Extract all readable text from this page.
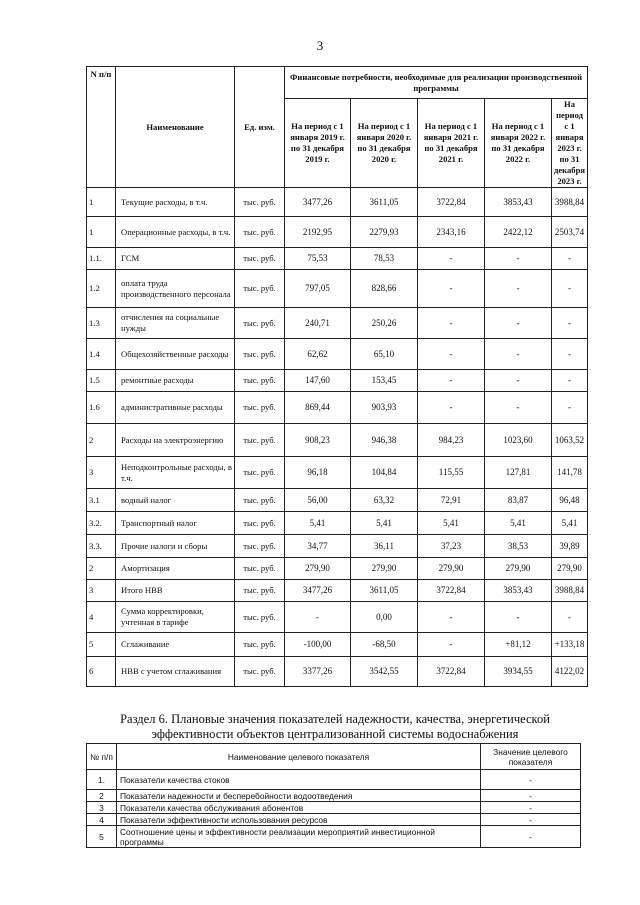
3
N п/п	Наименование	Ед. изм.	Финансовые потребности, необходимые для реализации производственной программы				
			На период с 1 января 2019 г. по 31 декабря 2019 г.	На период с 1 января 2020 г. по 31 декабря 2020 г.	На период с 1 января 2021 г. по 31 декабря 2021 г.	На период с 1 января 2022 г. по 31 декабря 2022 г.	На период с 1 января 2023 г. по 31 декабря 2023 г.
1	Текущие расходы, в т.ч.	тыс. руб.	3477,26	3611,05	3722,84	3853,43	3988,84
1	Операционные расходы, в т.ч.	тыс. руб.	2192,95	2279,93	2343,16	2422,12	2503,74
1.1.	ГСМ	тыс. руб.	75,53	78,53	-	-	-
1.2	оплата труда производственного персонала	тыс. руб.	797,05	828,66	-	-	-
1.3	отчисления на социальные нужды	тыс. руб.	240,71	250,26	-	-	-
1.4	Общехозяйственные расходы	тыс. руб.	62,62	65,10	-	-	-
1.5	ремонтные расходы	тыс. руб.	147,60	153,45	-	-	-
1.6	административные расходы	тыс. руб.	869,44	903,93	-	-	-
2	Расходы на электроэнергию	тыс. руб.	908,23	946,38	984,23	1023,60	1063,52
3	Неподконтрольные расходы, в т.ч.	тыс. руб.	96,18	104,84	115,55	127,81	141,78
3.1	водный налог	тыс. руб.	56,00	63,32	72,91	83,87	96,48
3.2.	Транспортный налог	тыс. руб.	5,41	5,41	5,41	5,41	5,41
3.3.	Прочие налоги и сборы	тыс. руб.	34,77	36,11	37,23	38,53	39,89
2	Амортизация	тыс. руб.	279,90	279,90	279,90	279,90	279,90
3	Итого НВВ	тыс. руб.	3477,26	3611,05	3722,84	3853,43	3988,84
4	Сумма корректировки, учтенная в тарифе	тыс. руб.	-	0,00	-	-	-
5	Сглаживание	тыс. руб.	-100,00	-68,50	-	+81,12	+133,18
6	НВВ с учетом сглаживания	тыс. руб.	3377,26	3542,55	3722,84	3934,55	4122,02
Раздел 6. Плановые значения показателей надежности, качества, энергетической эффективности объектов централизованной системы водоснабжения
№ п/п	Наименование целевого показателя	Значение целевого показателя
1.	Показатели качества стоков	-
2	Показатели надежности и бесперебойности водоотведения	-
3	Показатели качества обслуживания абонентов	-
4	Показатели эффективности использования ресурсов	-
5	Соотношение цены и эффективности реализации мероприятий инвестиционной программы	-
